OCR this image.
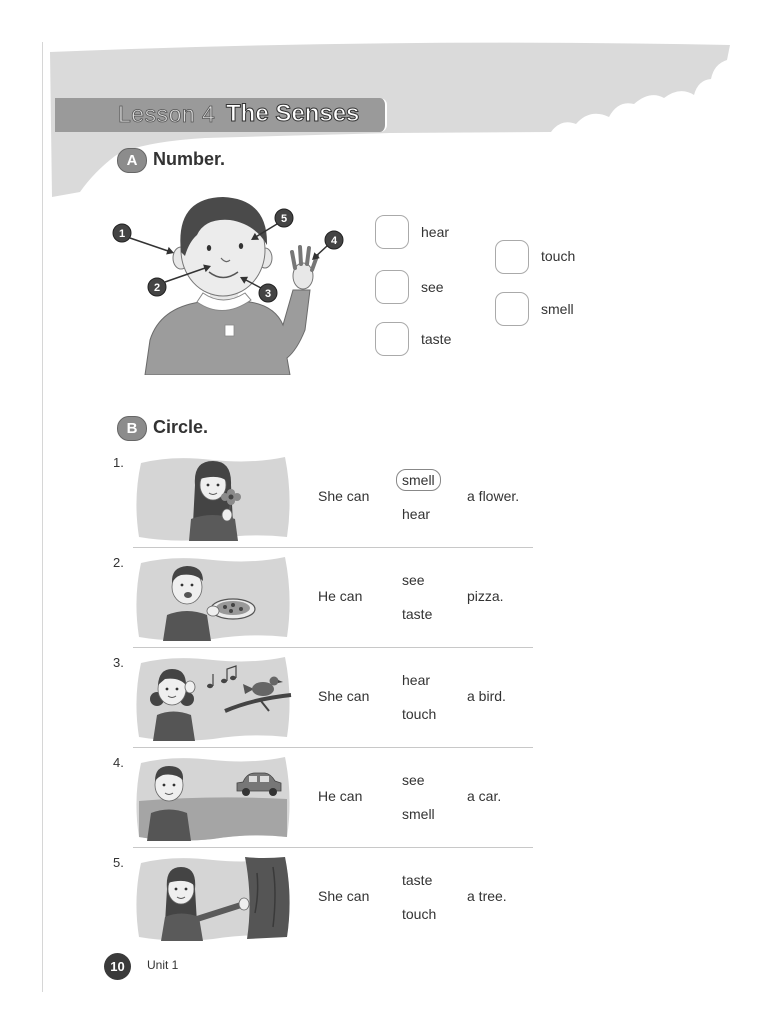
Lesson 4 The Senses
A Number.
1
5
4
2	3
hear
see
taste
touch
smell
B Circle.
1.
She can
smell
hear
a flower.
2.
He can
see
taste
pizza.
3.
She can
hear
touch
a bird.
4.
He can
see
smell
a car.
5.
She can
taste
touch
a tree.
10	Unit 1
